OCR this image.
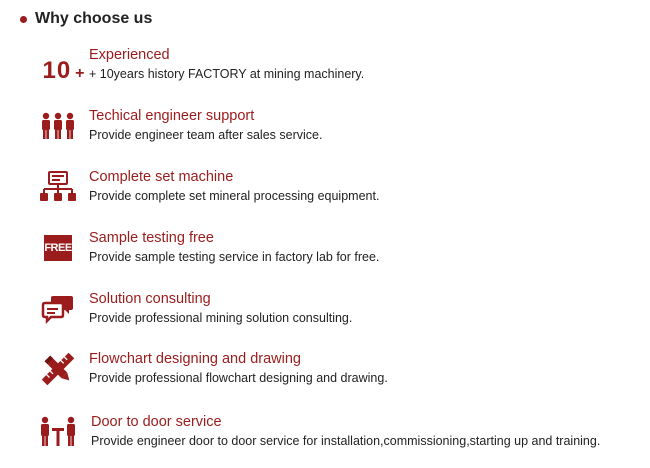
Why choose us
10 +
Experienced
+ 10years history FACTORY at mining machinery.
Techical engineer support
Provide engineer team after sales service.
Complete set machine
Provide complete set mineral processing equipment.
FREE
Sample testing free
Provide sample testing service in factory lab for free.
Solution consulting
Provide professional mining solution consulting.
Flowchart designing and drawing
Provide professional flowchart designing and drawing.
Door to door service
Provide engineer door to door service for installation,commissioning,starting up and training.
